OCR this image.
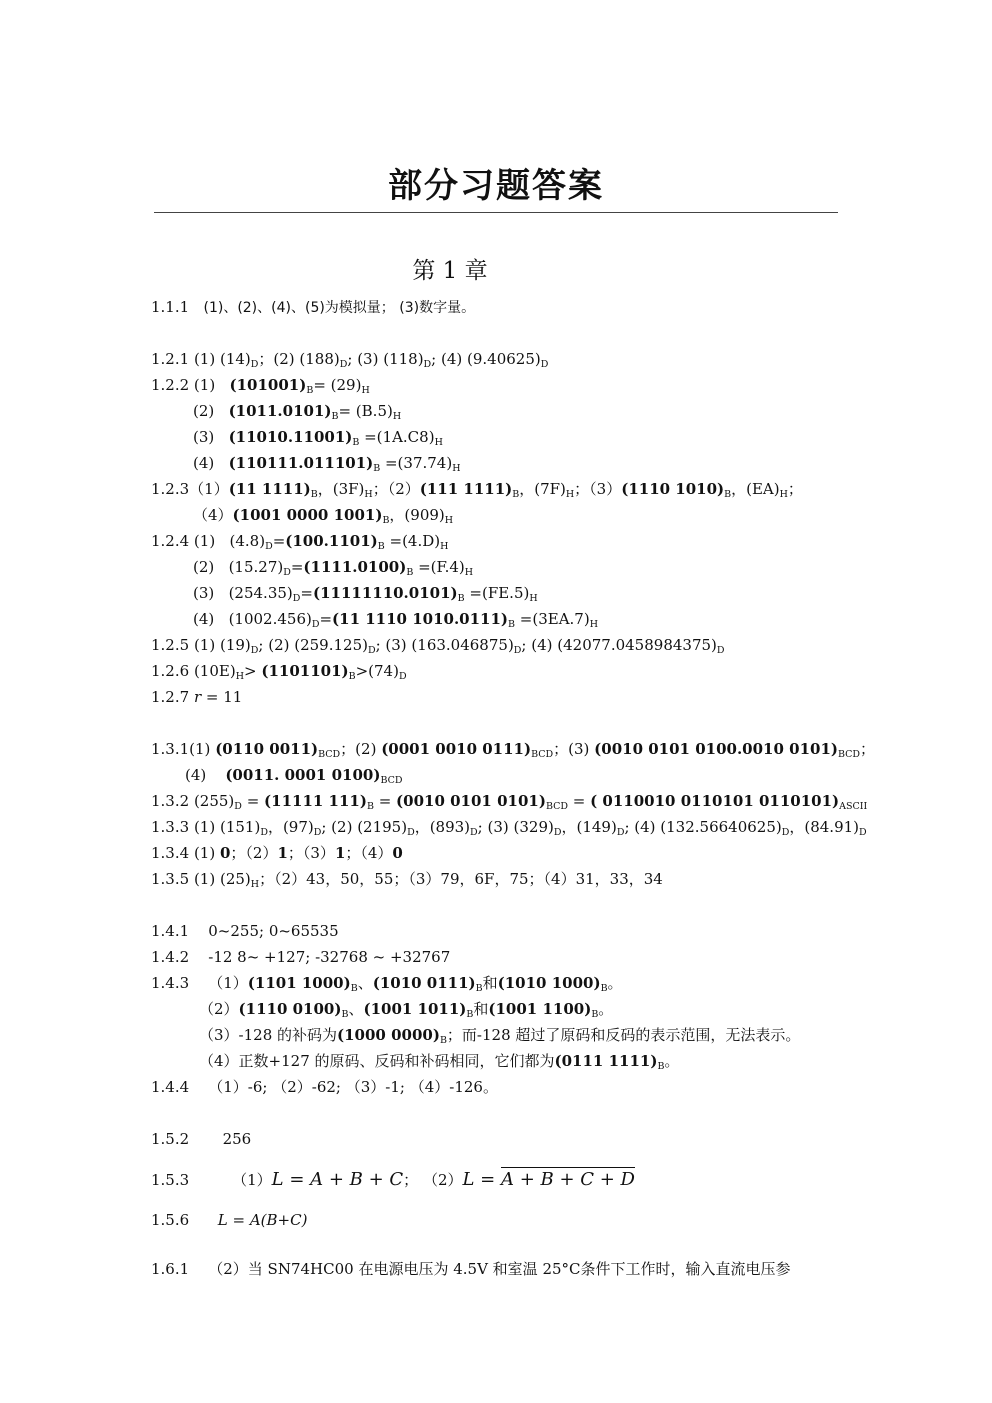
部分习题答案
第 1 章
1.1.1 (1)、(2)、(4)、(5)为模拟量； (3)数字量。
1.2.1 (1) $(14)_D$；(2) $(188)_D$; (3) $(118)_D$; (4) $(9.40625)_D$
1.2.2 (1) $(101001)_B= (29)_H$
(2) $(1011.0101)_B= (B.5)_H$
(3) $(11010.11001)_B =(1A.C8)_H$
(4) $(110111.011101)_B =(37.74)_H$
1.2.3（1）(11 $1111)_B$，$(3F)_H$；（2）(111 $1111)_B$，$(7F)_H$；（3）(1110 $1010)_B$，$(EA)_H$；
（4）(1001 0000 $1001)_B$，$(909)_H$
1.2.4 (1) $(4.8)_D=(100.1101)_B =(4.D)_H$
(2) $(15.27)_D=(1111.0100)_B =(F.4)_H$
(3) $(254.35)_D=(11111110.0101)_B =(FE.5)_H$
(4) $(1002.456)_D=(11$ 1110 $1010.0111)_B =(3EA.7)_H$
1.2.5 (1) $(19)_D$; (2) $(259.125)_D$; (3) $(163.046875)_D$; (4) $(42077.0458984375)_D$
1.2.6 $(10E)_H> (1101101)_B>(74)_D$
1.2.7 r = 11
1.3.1(1) (0110 $0011)_{BCD}$；(2) (0001 0010 $0111)_{BCD}$；(3) (0010 0101 0100.0010 $0101)_{BCD}$；
(4) (0011. 0001 $0100)_{BCD}$
1.3.2 $(255)_D = (11111$ $111)_B = (0010$ 0101 $0101)_{BCD}$ = ( 0110010 0110101 $0110101)_{ASCII}$
1.3.3 (1) $(151)_D$，$(97)_D$; (2) $(2195)_D$，$(893)_D$; (3) $(329)_D$，$(149)_D$; (4) $(132.56640625)_D$，$(84.91)_D$
1.3.4 (1) 0；（2）1；（3）1；（4）0
1.3.5 (1) $(25)_H$；（2）43，50，55；（3）79，6F，75；（4）31，33，34
1.4.1 0~255; 0~65535
1.4.2 -12 8~ +127; -32768 ~ +32767
1.4.3 （1）(1101 $1000)_B$、(1010 $0111)_B$和(1010 $1000)_B$。
（2）(1110 $0100)_B$、(1001 $1011)_B$和(1001 $1100)_B$。
（3）-128 的补码为(1000 $0000)_B$；而-128 超过了原码和反码的表示范围，无法表示。
（4）正数+127 的原码、反码和补码相同，它们都为(0111 $1111)_B$。
1.4.4 （1）-6; （2）-62; （3）-1; （4）-126。
1.5.2 256
1.5.3	（1）L = A + B + C； （2）L = A + B + C + D
1.5.6 L = A(B+C)
1.6.1 （2）当 SN74HC00 在电源电压为 4.5V 和室温 25°C条件下工作时，输入直流电压参
